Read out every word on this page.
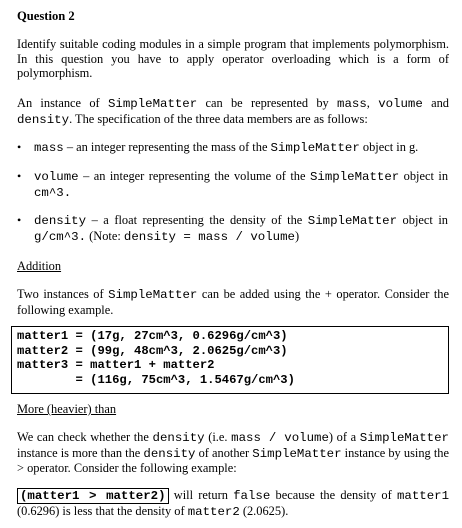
Question 2
Identify suitable coding modules in a simple program that implements polymorphism. In this question you have to apply operator overloading which is a form of polymorphism.
An instance of SimpleMatter can be represented by mass, volume and density. The specification of the three data members are as follows:
• mass – an integer representing the mass of the SimpleMatter object in g.
• volume – an integer representing the volume of the SimpleMatter object in cm^3.
• density – a float representing the density of the SimpleMatter object in g/cm^3. (Note: density = mass / volume)
Addition
Two instances of SimpleMatter can be added using the + operator. Consider the following example.
matter1 = (17g, 27cm^3, 0.6296g/cm^3)
matter2 = (99g, 48cm^3, 2.0625g/cm^3)
matter3 = matter1 + matter2
= (116g, 75cm^3, 1.5467g/cm^3)
More (heavier) than
We can check whether the density (i.e. mass / volume) of a SimpleMatter instance is more than the density of another SimpleMatter instance by using the > operator. Consider the following example:
(matter1 > matter2) will return false because the density of matter1 (0.6296) is less that the density of matter2 (2.0625).
